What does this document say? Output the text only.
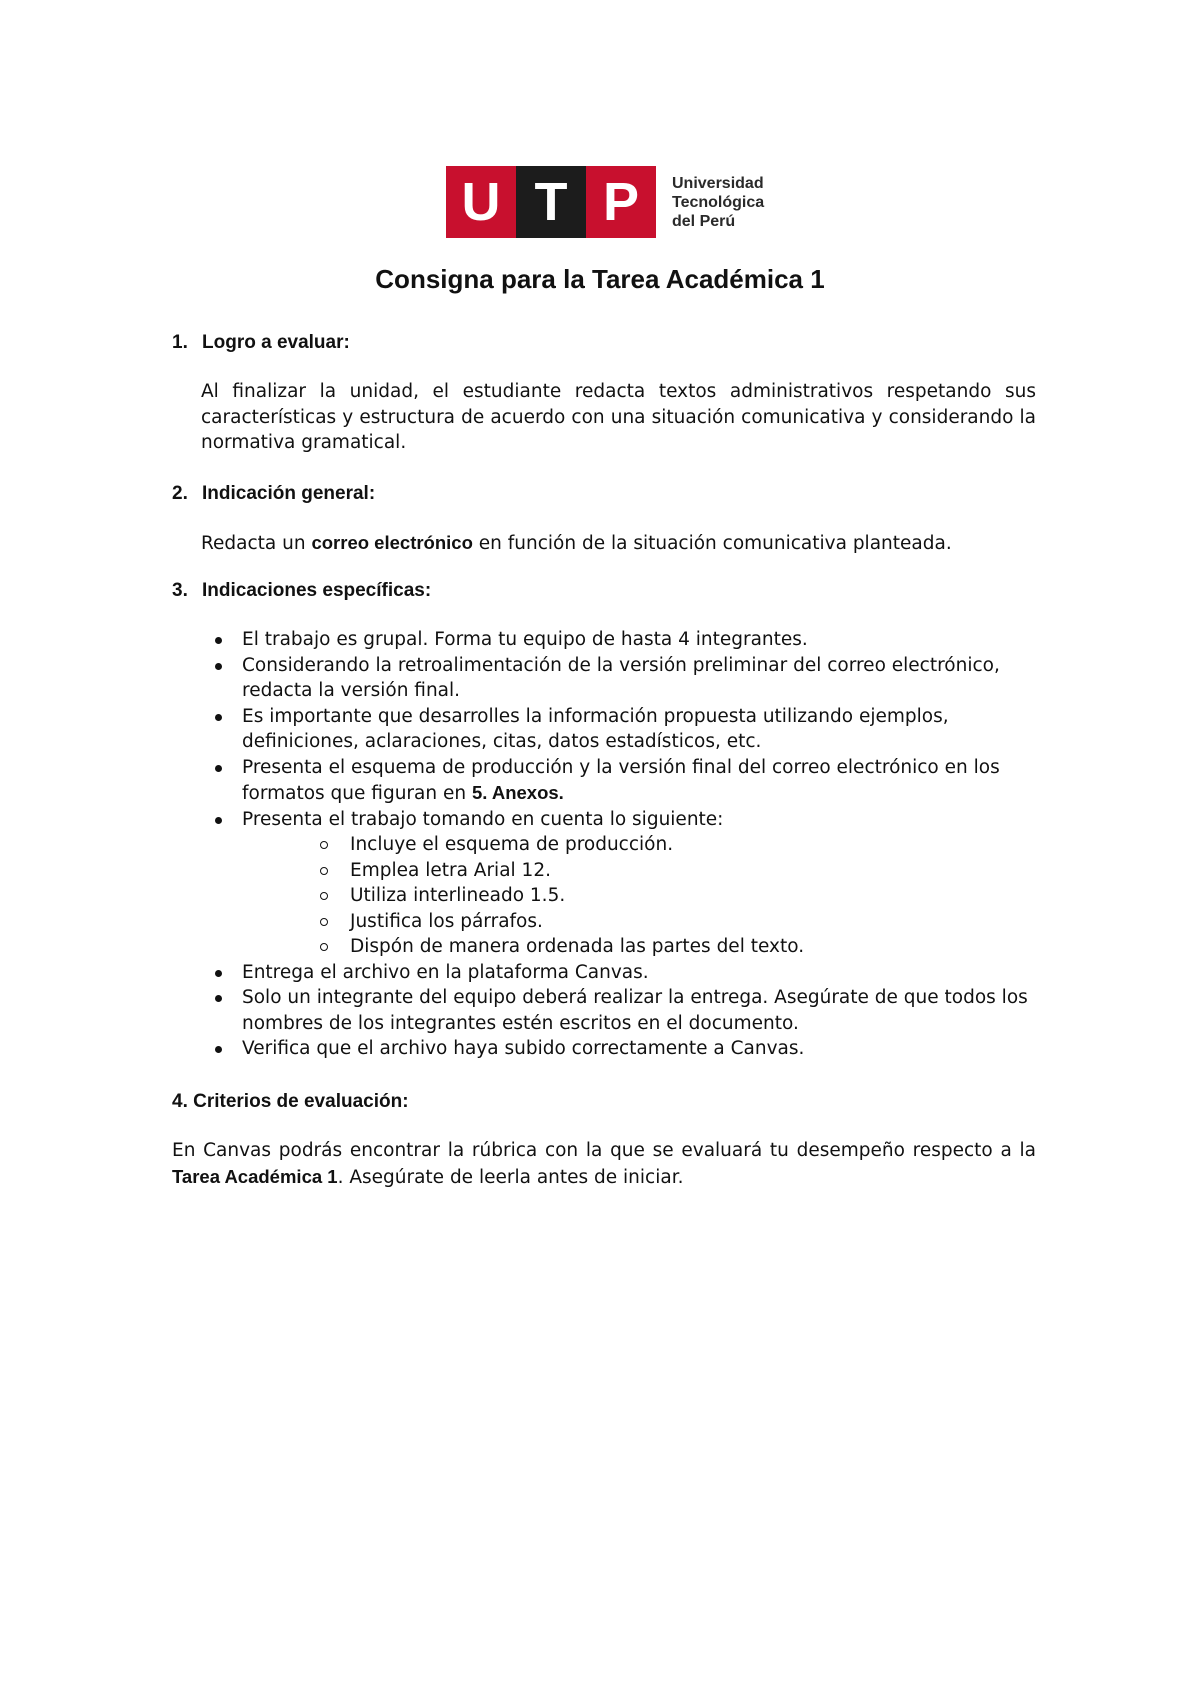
U T P	Universidad
Tecnológica
del Perú
Consigna para la Tarea Académica 1
1. Logro a evaluar:
Al finalizar la unidad, el estudiante redacta textos administrativos respetando sus características y estructura de acuerdo con una situación comunicativa y considerando la normativa gramatical.
2. Indicación general:
Redacta un correo electrónico en función de la situación comunicativa planteada.
3. Indicaciones específicas:
El trabajo es grupal. Forma tu equipo de hasta 4 integrantes.
Considerando la retroalimentación de la versión preliminar del correo electrónico, redacta la versión final.
Es importante que desarrolles la información propuesta utilizando ejemplos, definiciones, aclaraciones, citas, datos estadísticos, etc.
Presenta el esquema de producción y la versión final del correo electrónico en los formatos que figuran en 5. Anexos.
Presenta el trabajo tomando en cuenta lo siguiente:
Incluye el esquema de producción.
Emplea letra Arial 12.
Utiliza interlineado 1.5.
Justifica los párrafos.
Dispón de manera ordenada las partes del texto.
Entrega el archivo en la plataforma Canvas.
Solo un integrante del equipo deberá realizar la entrega. Asegúrate de que todos los nombres de los integrantes estén escritos en el documento.
Verifica que el archivo haya subido correctamente a Canvas.
4. Criterios de evaluación:
En Canvas podrás encontrar la rúbrica con la que se evaluará tu desempeño respecto a la Tarea Académica 1. Asegúrate de leerla antes de iniciar.
